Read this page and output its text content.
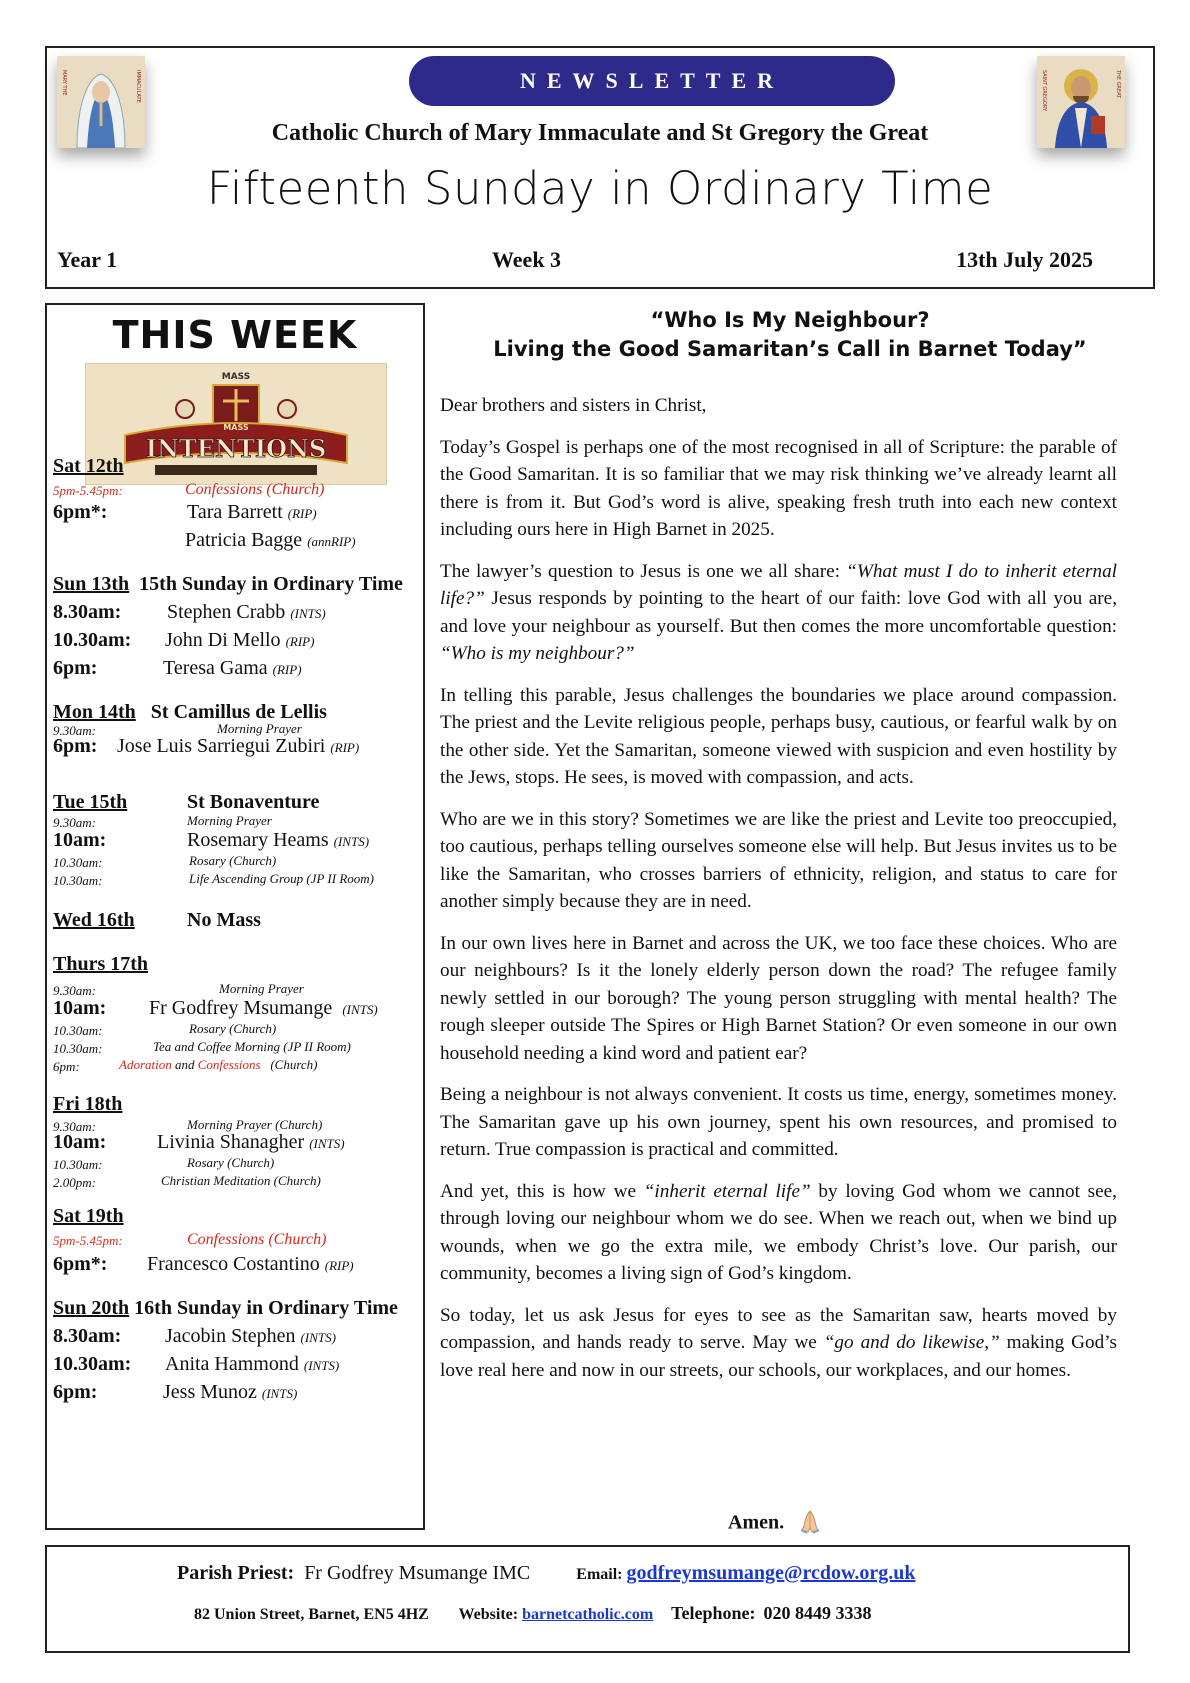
MARY THE	IMMACULATE	NEWSLETTER
Catholic Church of Mary Immaculate and St Gregory the Great
Fifteenth Sunday in Ordinary Time
Year 1	Week 3	13th July 2025
SAINT GREGORY	THE GREAT
THIS WEEK
MASS
MASS
INTENTIONS
Sat 12th
5pm-5.45pm:	Confessions (Church)
6pm*:	Tara Barrett (RIP)
Patricia Bagge (annRIP)
Sun 13th 15th Sunday in Ordinary Time
8.30am: Stephen Crabb (INTS)
10.30am: John Di Mello (RIP)
6pm:	Teresa Gama (RIP)
Mon 14th St Camillus de Lellis
9.30am:	Morning Prayer
6pm: Jose Luis Sarriegui Zubiri (RIP)
Tue 15th	St Bonaventure
9.30am:	Morning Prayer
10am:	Rosemary Heams (INTS)
10.30am:	Rosary (Church)
10.30am:	Life Ascending Group (JP II Room)
Wed 16th	No Mass
Thurs 17th
9.30am:	Morning Prayer
10am: Fr Godfrey Msumange (INTS)
10.30am:	Rosary (Church)
10.30am:	Tea and Coffee Morning (JP II Room)
6pm:	Adoration and Confessions (Church)
Fri 18th
9.30am:	Morning Prayer (Church)
10am:	Livinia Shanagher (INTS)
10.30am:	Rosary (Church)
2.00pm:	Christian Meditation (Church)
Sat 19th
5pm-5.45pm:	Confessions (Church)
6pm*: Francesco Costantino (RIP)
Sun 20th 16th Sunday in Ordinary Time
8.30am: Jacobin Stephen (INTS)
10.30am: Anita Hammond (INTS)
6pm:	Jess Munoz (INTS)
“Who Is My Neighbour?
Living the Good Samaritan’s Call in Barnet Today”

Dear brothers and sisters in Christ,

Today’s Gospel is perhaps one of the most recognised in all of Scripture: the parable of the Good Samaritan. It is so familiar that we may risk thinking we’ve already learnt all there is from it. But God’s word is alive, speaking fresh truth into each new context including ours here in High Barnet in 2025.

The lawyer’s question to Jesus is one we all share: “What must I do to inherit eternal life?” Jesus responds by pointing to the heart of our faith: love God with all you are, and love your neighbour as yourself. But then comes the more uncomfortable question: “Who is my neighbour?”

In telling this parable, Jesus challenges the boundaries we place around compassion. The priest and the Levite religious people, perhaps busy, cautious, or fearful walk by on the other side. Yet the Samaritan, someone viewed with suspicion and even hostility by the Jews, stops. He sees, is moved with compassion, and acts.

Who are we in this story? Sometimes we are like the priest and Levite too preoccupied, too cautious, perhaps telling ourselves someone else will help. But Jesus invites us to be like the Samaritan, who crosses barriers of ethnicity, religion, and status to care for another simply because they are in need.

In our own lives here in Barnet and across the UK, we too face these choices. Who are our neighbours? Is it the lonely elderly person down the road? The refugee family newly settled in our borough? The young person struggling with mental health? The rough sleeper outside The Spires or High Barnet Station? Or even someone in our own household needing a kind word and patient ear?

Being a neighbour is not always convenient. It costs us time, energy, sometimes money. The Samaritan gave up his own journey, spent his own resources, and promised to return. True compassion is practical and committed.

And yet, this is how we “inherit eternal life” by loving God whom we cannot see, through loving our neighbour whom we do see. When we reach out, when we bind up wounds, when we go the extra mile, we embody Christ’s love. Our parish, our community, becomes a living sign of God’s kingdom.

So today, let us ask Jesus for eyes to see as the Samaritan saw, hearts moved by compassion, and hands ready to serve. May we “go and do likewise,” making God’s love real here and now in our streets, our schools, our workplaces, and our homes.

Amen.
Parish Priest: Fr Godfrey Msumange IMC	Email: godfreymsumange@rcdow.org.uk
82 Union Street, Barnet, EN5 4HZ Website: barnetcatholic.com Telephone: 020 8449 3338
